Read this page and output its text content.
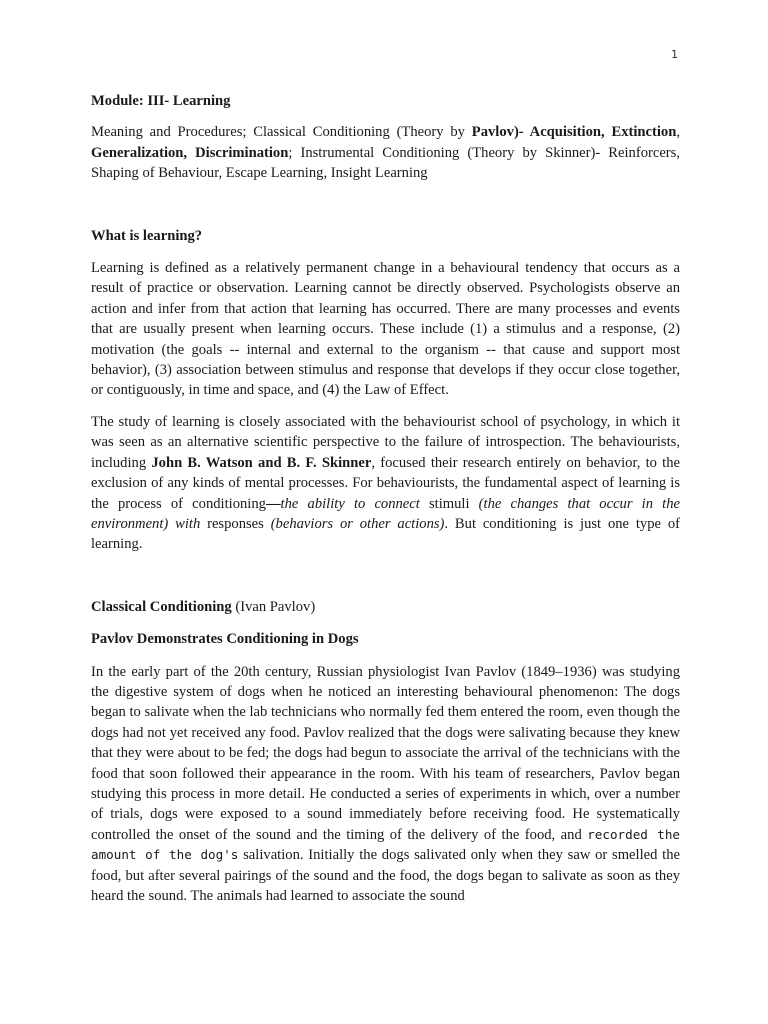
1

Module: III- Learning

Meaning and Procedures; Classical Conditioning (Theory by Pavlov)- Acquisition, Extinction, Generalization, Discrimination; Instrumental Conditioning (Theory by Skinner)- Reinforcers, Shaping of Behaviour, Escape Learning, Insight Learning

What is learning?

Learning is defined as a relatively permanent change in a behavioural tendency that occurs as a result of practice or observation. Learning cannot be directly observed. Psychologists observe an action and infer from that action that learning has occurred. There are many processes and events that are usually present when learning occurs. These include (1) a stimulus and a response, (2) motivation (the goals -- internal and external to the organism -- that cause and support most behavior), (3) association between stimulus and response that develops if they occur close together, or contiguously, in time and space, and (4) the Law of Effect.

The study of learning is closely associated with the behaviourist school of psychology, in which it was seen as an alternative scientific perspective to the failure of introspection. The behaviourists, including John B. Watson and B. F. Skinner, focused their research entirely on behavior, to the exclusion of any kinds of mental processes. For behaviourists, the fundamental aspect of learning is the process of conditioning—the ability to connect stimuli (the changes that occur in the environment) with responses (behaviors or other actions). But conditioning is just one type of learning.

Classical Conditioning (Ivan Pavlov)

Pavlov Demonstrates Conditioning in Dogs

In the early part of the 20th century, Russian physiologist Ivan Pavlov (1849–1936) was studying the digestive system of dogs when he noticed an interesting behavioural phenomenon: The dogs began to salivate when the lab technicians who normally fed them entered the room, even though the dogs had not yet received any food. Pavlov realized that the dogs were salivating because they knew that they were about to be fed; the dogs had begun to associate the arrival of the technicians with the food that soon followed their appearance in the room. With his team of researchers, Pavlov began studying this process in more detail. He conducted a series of experiments in which, over a number of trials, dogs were exposed to a sound immediately before receiving food. He systematically controlled the onset of the sound and the timing of the delivery of the food, and recorded the amount of the dog's salivation. Initially the dogs salivated only when they saw or smelled the food, but after several pairings of the sound and the food, the dogs began to salivate as soon as they heard the sound. The animals had learned to associate the sound
